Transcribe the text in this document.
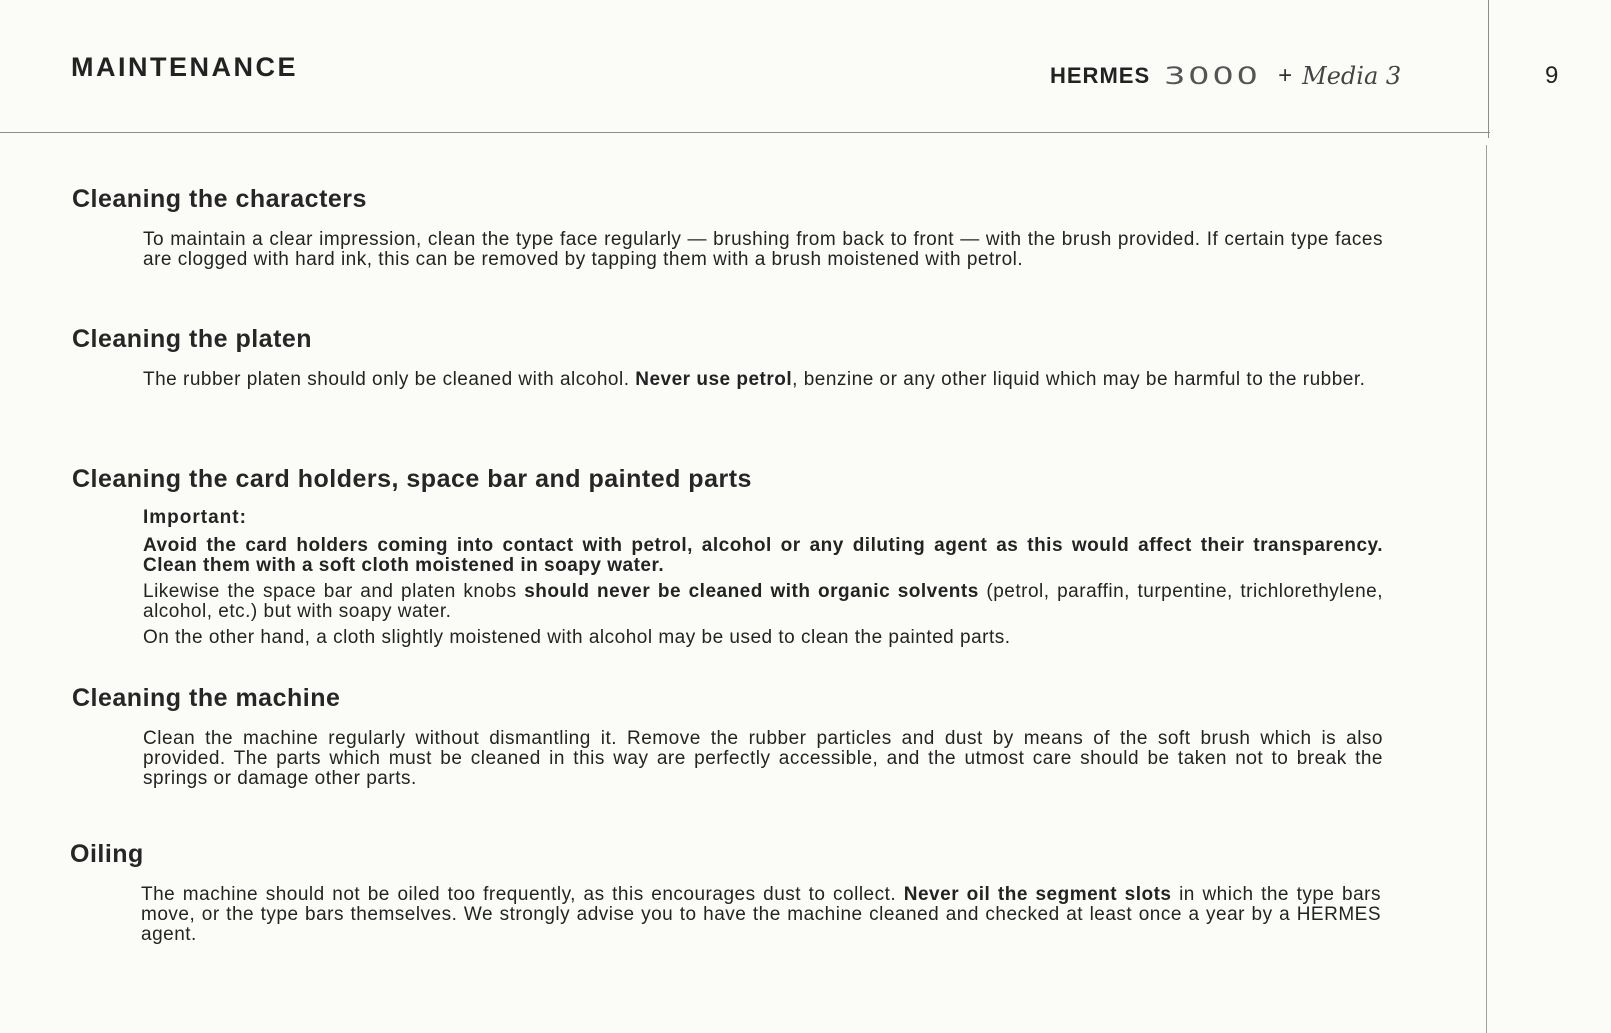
MAINTENANCE	HERMES 3000 + Media 3	9
Cleaning the characters

To maintain a clear impression, clean the type face regularly — brushing from back to front — with the brush provided. If certain type faces are clogged with hard ink, this can be removed by tapping them with a brush moistened with petrol.

Cleaning the platen

The rubber platen should only be cleaned with alcohol. Never use petrol, benzine or any other liquid which may be harmful to the rubber.

Cleaning the card holders, space bar and painted parts
Important:

Avoid the card holders coming into contact with petrol, alcohol or any diluting agent as this would affect their transparency. Clean them with a soft cloth moistened in soapy water.

Likewise the space bar and platen knobs should never be cleaned with organic solvents (petrol, paraffin, turpentine, trichlorethylene, alcohol, etc.) but with soapy water.

On the other hand, a cloth slightly moistened with alcohol may be used to clean the painted parts.

Cleaning the machine

Clean the machine regularly without dismantling it. Remove the rubber particles and dust by means of the soft brush which is also provided. The parts which must be cleaned in this way are perfectly accessible, and the utmost care should be taken not to break the springs or damage other parts.

Oiling

The machine should not be oiled too frequently, as this encourages dust to collect. Never oil the segment slots in which the type bars move, or the type bars themselves. We strongly advise you to have the machine cleaned and checked at least once a year by a HERMES agent.
